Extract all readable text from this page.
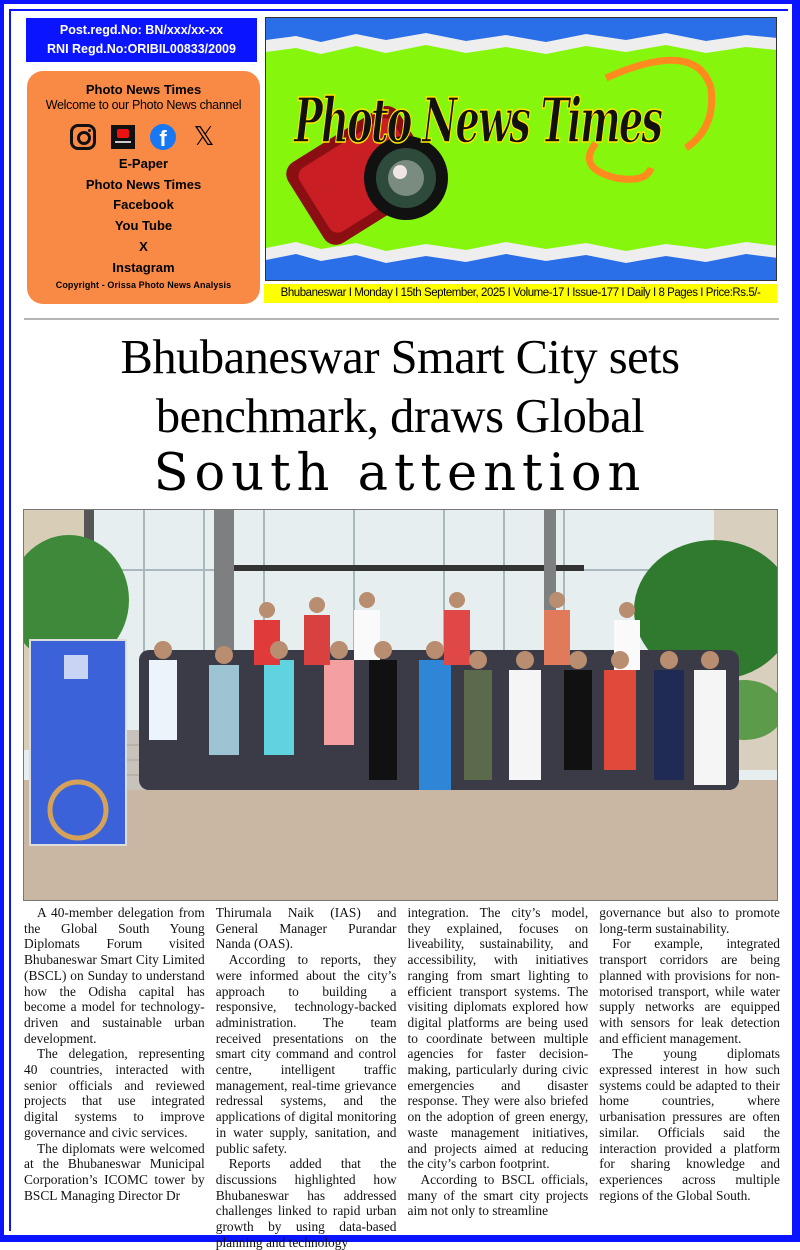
Post.regd.No: BN/xxx/xx-xx
RNI Regd.No:ORIBIL00833/2009
Photo News Times
Welcome to our Photo News channel
f	𝕏
E-Paper
Photo News Times
Facebook
You Tube
X
Instagram
Copyright - Orissa Photo News Analysis
Photo News Times
Bhubaneswar I Monday I 15th September, 2025 I Volume-17 I Issue-177 I Daily I 8 Pages I Price:Rs.5/-
Bhubaneswar Smart City sets
benchmark, draws Global
South attention

A 40-member delegation from the Global South Young Diplomats Forum visited Bhubaneswar Smart City Limited (BSCL) on Sunday to understand how the Odisha capital has become a model for technology-driven and sustainable urban development.

The delegation, representing 40 countries, interacted with senior officials and reviewed projects that use integrated digital systems to improve governance and civic services.

The diplomats were welcomed at the Bhubaneswar Municipal Corporation’s ICOMC tower by BSCL Managing Director Dr

Thirumala Naik (IAS) and General Manager Purandar Nanda (OAS).

According to reports, they were informed about the city’s approach to building a responsive, technology-backed administration. The team received presentations on the smart city command and control centre, intelligent traffic management, real-time grievance redressal systems, and the applications of digital monitoring in water supply, sanitation, and public safety.

Reports added that the discussions highlighted how Bhubaneswar has addressed challenges linked to rapid urban growth by using data-based planning and technology

integration. The city’s model, they explained, focuses on liveability, sustainability, and accessibility, with initiatives ranging from smart lighting to efficient transport systems. The visiting diplomats explored how digital platforms are being used to coordinate between multiple agencies for faster decision-making, particularly during civic emergencies and disaster response. They were also briefed on the adoption of green energy, waste management initiatives, and projects aimed at reducing the city’s carbon footprint.

According to BSCL officials, many of the smart city projects aim not only to streamline

governance but also to promote long-term sustainability.

For example, integrated transport corridors are being planned with provisions for non-motorised transport, while water supply networks are equipped with sensors for leak detection and efficient management.

The young diplomats expressed interest in how such systems could be adapted to their home countries, where urbanisation pressures are often similar. Officials said the interaction provided a platform for sharing knowledge and experiences across multiple regions of the Global South.
